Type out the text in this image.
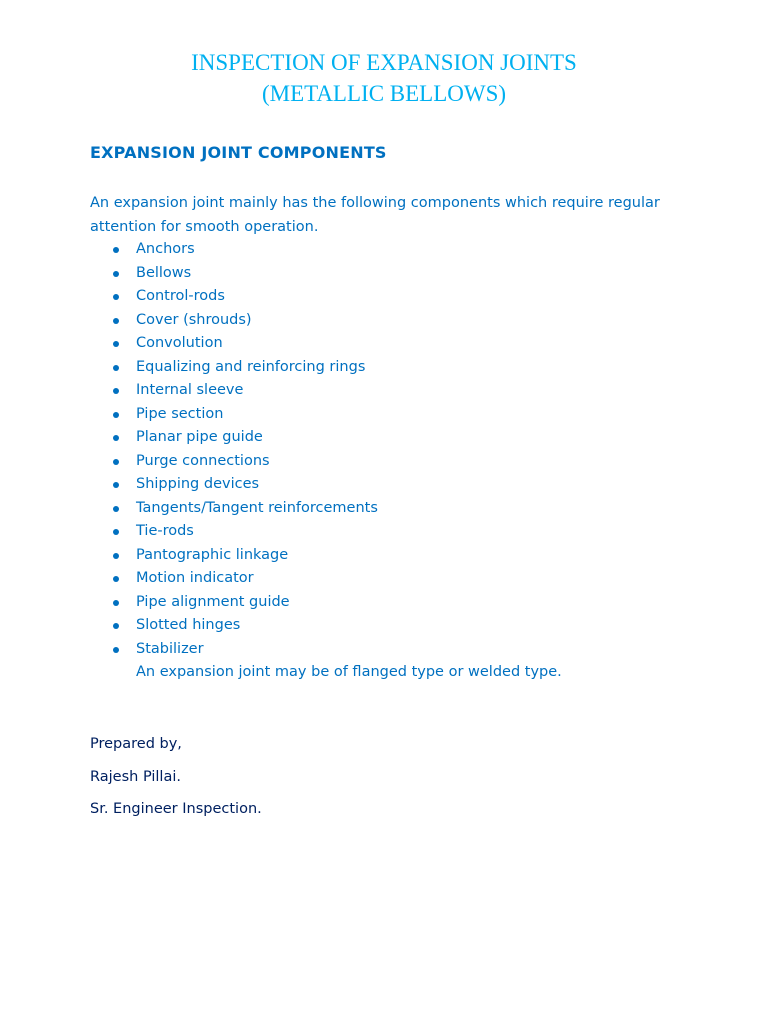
INSPECTION OF EXPANSION JOINTS
(METALLIC BELLOWS)
EXPANSION JOINT COMPONENTS
An expansion joint mainly has the following components which require regular attention for smooth operation.
Anchors
Bellows
Control-rods
Cover (shrouds)
Convolution
Equalizing and reinforcing rings
Internal sleeve
Pipe section
Planar pipe guide
Purge connections
Shipping devices
Tangents/Tangent reinforcements
Tie-rods
Pantographic linkage
Motion indicator
Pipe alignment guide
Slotted hinges
Stabilizer
An expansion joint may be of flanged type or welded type.
Prepared by,
Rajesh Pillai.
Sr. Engineer Inspection.
